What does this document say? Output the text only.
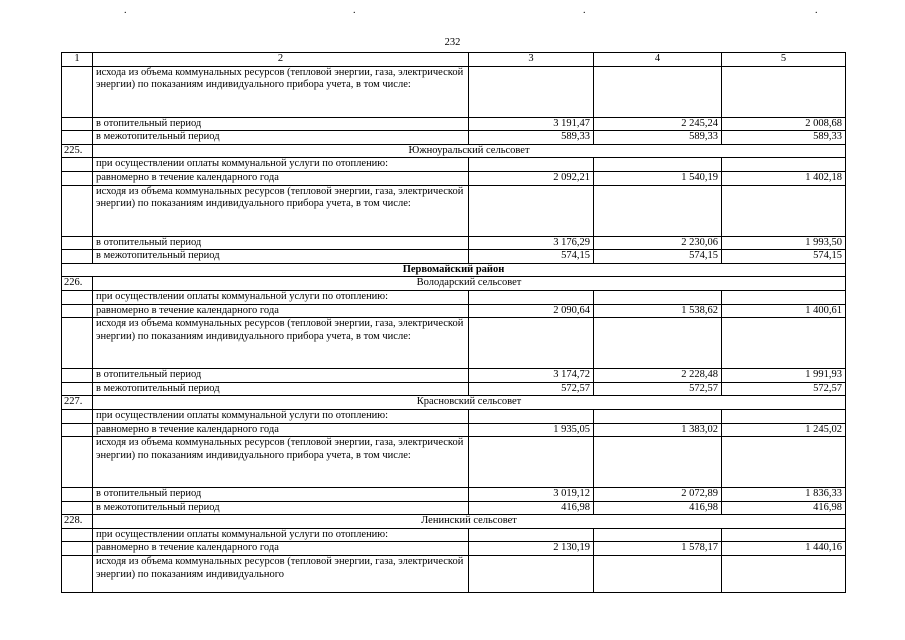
.	.	.	.
232
1	2	3	4	5
	исхода из объема коммунальных ресурсов (тепловой энергии, газа, электрической энергии) по показаниям индивидуального прибора учета, в том числе:			
	в отопительный период	3 191,47	2 245,24	2 008,68
	в межотопительный период	589,33	589,33	589,33
225.	Южноуральский сельсовет			
	при осуществлении оплаты коммунальной услуги по отоплению:			
	равномерно в течение календарного года	2 092,21	1 540,19	1 402,18
	исходя из объема коммунальных ресурсов (тепловой энергии, газа, электрической энергии) по показаниям индивидуального прибора учета, в том числе:			
	в отопительный период	3 176,29	2 230,06	1 993,50
	в межотопительный период	574,15	574,15	574,15
Первомайский район				
226.	Володарский сельсовет			
	при осуществлении оплаты коммунальной услуги по отоплению:			
	равномерно в течение календарного года	2 090,64	1 538,62	1 400,61
	исходя из объема коммунальных ресурсов (тепловой энергии, газа, электрической энергии) по показаниям индивидуального прибора учета, в том числе:			
	в отопительный период	3 174,72	2 228,48	1 991,93
	в межотопительный период	572,57	572,57	572,57
227.	Красновский сельсовет			
	при осуществлении оплаты коммунальной услуги по отоплению:			
	равномерно в течение календарного года	1 935,05	1 383,02	1 245,02
	исходя из объема коммунальных ресурсов (тепловой энергии, газа, электрической энергии) по показаниям индивидуального прибора учета, в том числе:			
	в отопительный период	3 019,12	2 072,89	1 836,33
	в межотопительный период	416,98	416,98	416,98
228.	Ленинский сельсовет			
	при осуществлении оплаты коммунальной услуги по отоплению:			
	равномерно в течение календарного года	2 130,19	1 578,17	1 440,16
	исходя из объема коммунальных ресурсов (тепловой энергии, газа, электрической энергии) по показаниям индивидуального			
